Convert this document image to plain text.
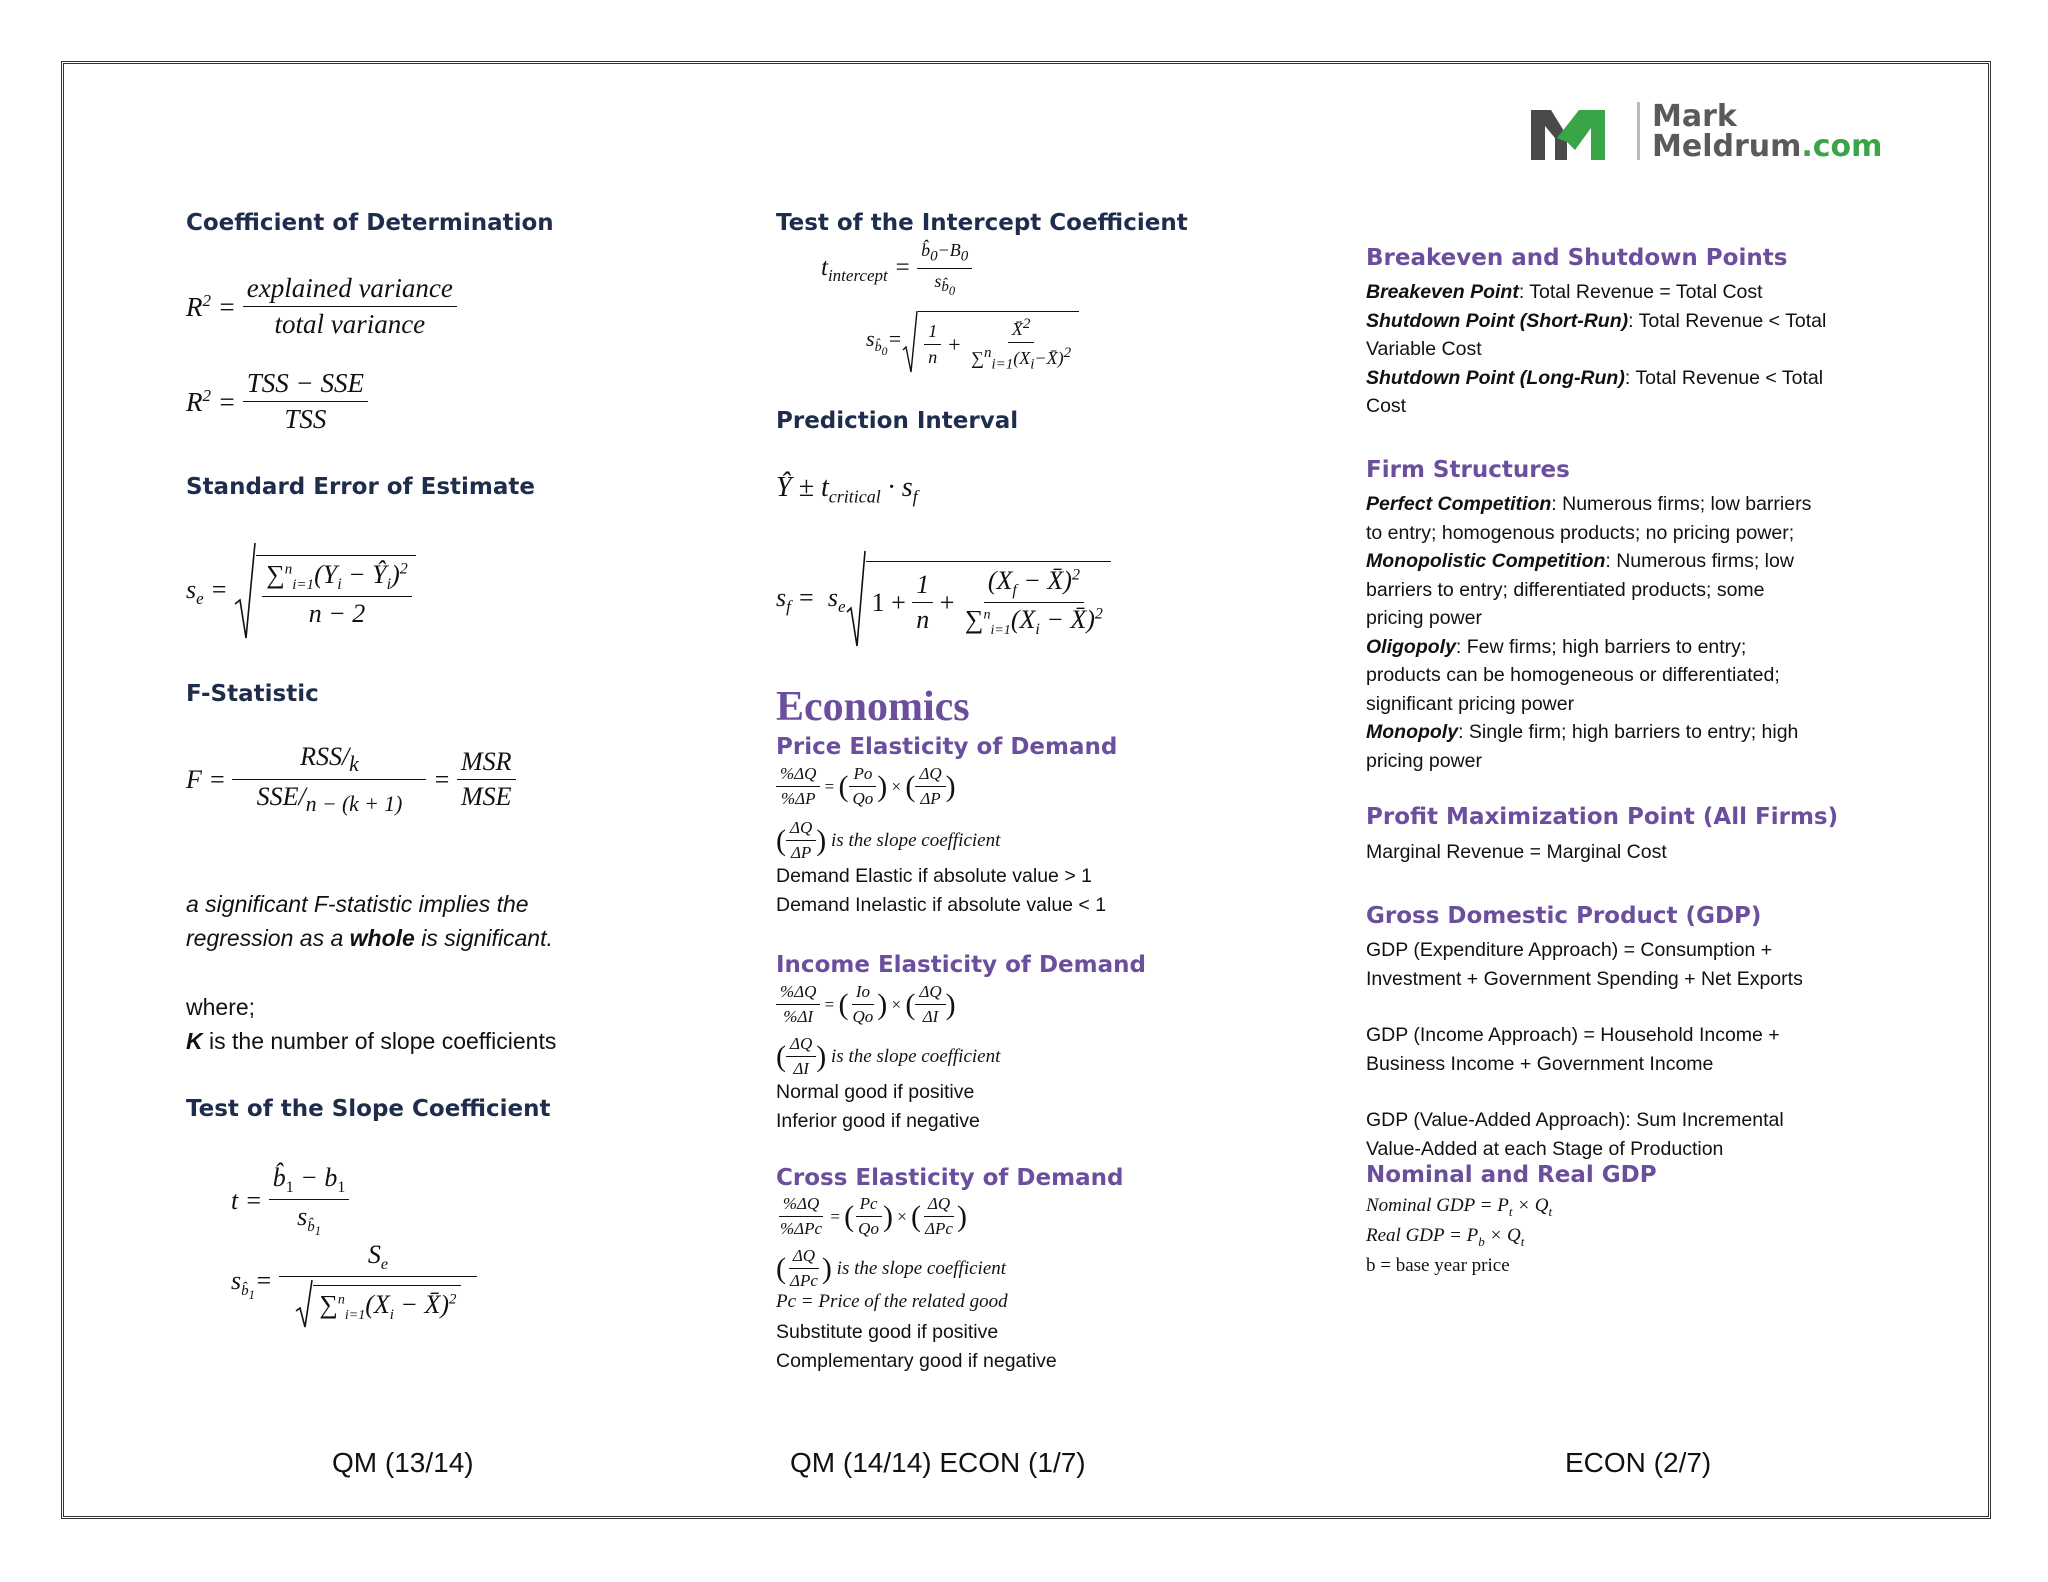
Mark
Meldrum.com
Coefficient of Determination
$R^2 = \frac{\text{explained variance}}{\text{total variance}}$
$R^2 = \frac{\text{TSS − SSE}}{\text{TSS}}$
Standard Error of Estimate
$s_e = \frac{\sum^n_{i=1}(Y_i - Ŷ_i)^2}{n - 2}$
F-Statistic
$F = \frac{RSS/_k}{SSE/_{n - (k + 1)}} = \frac{\text{MSR}}{\text{MSE}}$
a significant F-statistic implies the
regression as a whole is significant.
where;
K is the number of slope coefficients
Test of the Slope Coefficient
$t = \frac{b̂_1 - b_1}{s_{b̂_1}}$
$s_{b̂_1}= \frac{S_e}{\sum^n_{i=1}(X_i - X̄)^2}$
Test of the Intercept Coefficient
$t_{intercept} = \frac{b̂_0-B_0}{s_{b̂_0}}$
$s_{b̂_0}= \frac{1}{n} + \frac{X̄^2}{\sum^n_{i=1}(X_i-X̄)^2}$
Prediction Interval
Ŷ ± $t_{critical} \cdot s_f$
$s_f = s_e$ 1 +
$\frac{1}{n}$
+
$\frac{(X_f - X̄)^2}{\sum^n_{i=1}(X_i - X̄)^2}$
Economics
Price Elasticity of Demand
$\frac{\%\Delta Q}{\%\Delta P}$ = ( $\frac{Po}{Qo}$ ) × ( $\frac{\Delta Q}{\Delta P}$ )
( $\frac{\Delta Q}{\Delta P}$ )
is the slope coefficient
Demand Elastic if absolute value > 1
Demand Inelastic if absolute value < 1
Income Elasticity of Demand
$\frac{\%\Delta Q}{\%\Delta I}$ = ( $\frac{Io}{Qo}$ ) × ( $\frac{\Delta Q}{\Delta I}$ )
( $\frac{\Delta Q}{\Delta I}$ )
is the slope coefficient
Normal good if positive
Inferior good if negative
Cross Elasticity of Demand
$\frac{\%\Delta Q}{\text{\%ΔPc}}$ = ( $\frac{Pc}{Qo}$ ) × ( $\frac{\Delta Q}{\text{ΔPc}}$ )
( $\frac{\Delta Q}{\text{ΔPc}}$ )
is the slope coefficient
Pc = Price of the related good
Substitute good if positive
Complementary good if negative
Breakeven and Shutdown Points
Breakeven Point: Total Revenue = Total Cost
Shutdown Point (Short-Run): Total Revenue < Total
Variable Cost
Shutdown Point (Long-Run): Total Revenue < Total
Cost
Firm Structures
Perfect Competition: Numerous firms; low barriers
to entry; homogenous products; no pricing power;
Monopolistic Competition: Numerous firms; low
barriers to entry; differentiated products; some
pricing power
Oligopoly: Few firms; high barriers to entry;
products can be homogeneous or differentiated;
significant pricing power
Monopoly: Single firm; high barriers to entry; high
pricing power
Profit Maximization Point (All Firms)
Marginal Revenue = Marginal Cost
Gross Domestic Product (GDP)
GDP (Expenditure Approach) = Consumption +
Investment + Government Spending + Net Exports
GDP (Income Approach) = Household Income +
Business Income + Government Income
GDP (Value-Added Approach): Sum Incremental
Value-Added at each Stage of Production
Nominal and Real GDP
Nominal GDP = $P_t \times Q_t$
Real GDP = $P_b \times Q_t$
b = base year price
QM (13/14)	QM (14/14) ECON (1/7)	ECON (2/7)
